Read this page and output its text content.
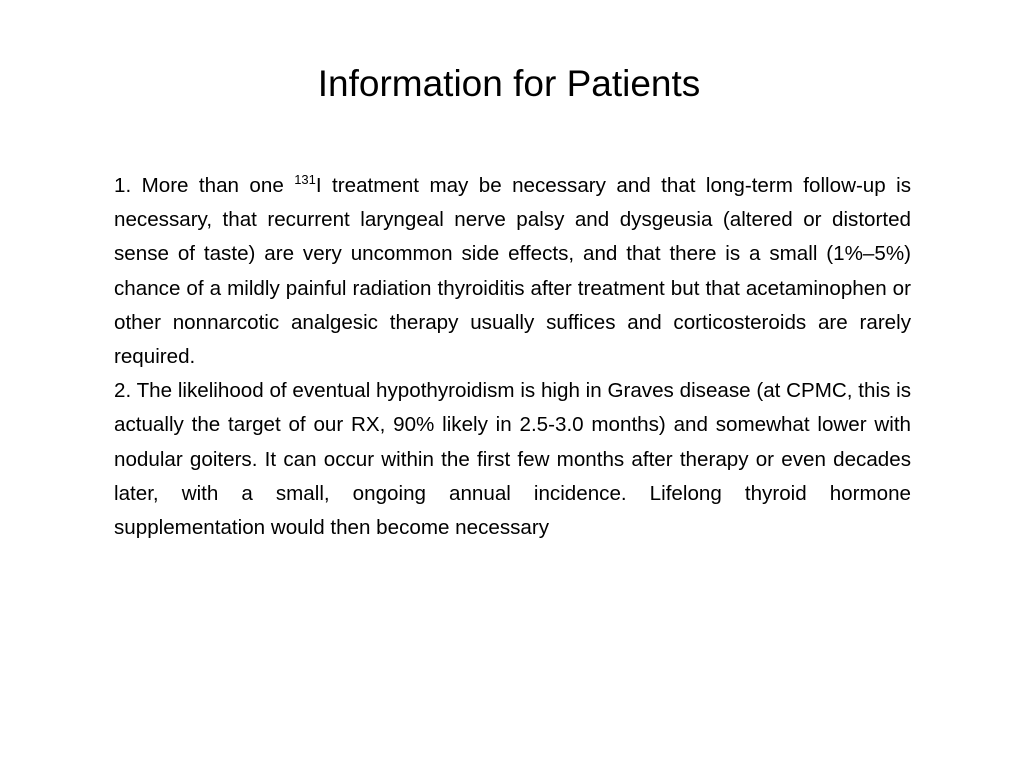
Information for Patients

1. More than one $^{131}$I treatment may be necessary and that long-term follow-up is necessary, that recurrent laryngeal nerve palsy and dysgeusia (altered or distorted sense of taste) are very uncommon side effects, and that there is a small (1%–5%) chance of a mildly painful radiation thyroiditis after treatment but that acetaminophen or other nonnarcotic analgesic therapy usually suffices and corticosteroids are rarely required.

2. The likelihood of eventual hypothyroidism is high in Graves disease (at CPMC, this is actually the target of our RX, 90% likely in 2.5-3.0 months) and somewhat lower with nodular goiters. It can occur within the first few months after therapy or even decades later, with a small, ongoing annual incidence. Lifelong thyroid hormone supplementation would then become necessary
